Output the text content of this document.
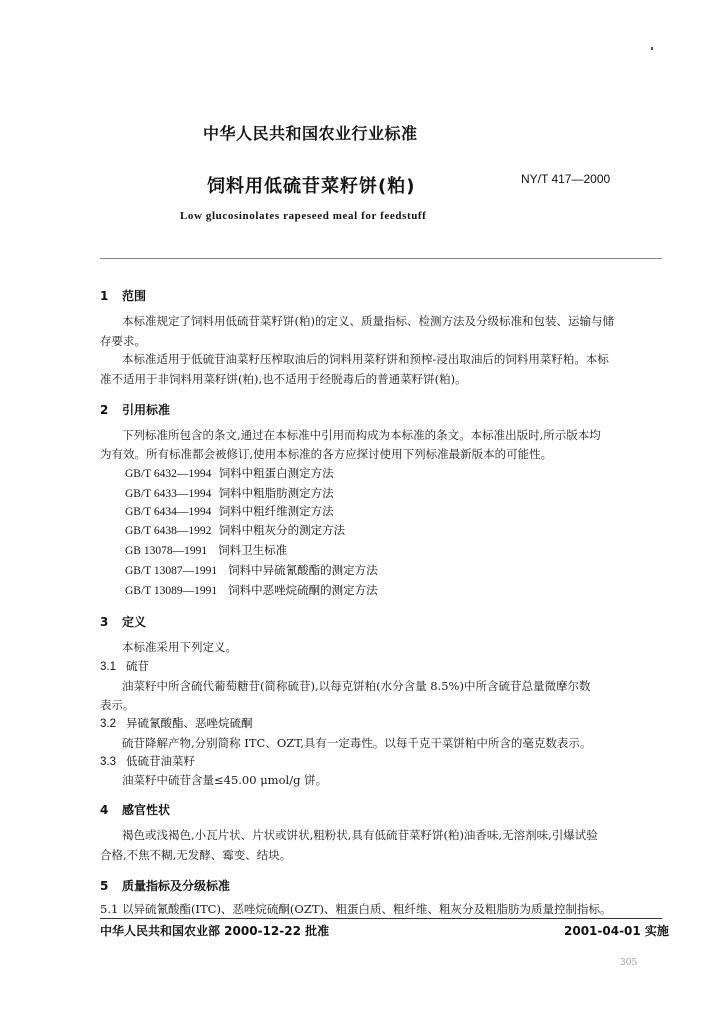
中华人民共和国农业行业标准
饲料用低硫苷菜籽饼(粕)	NY/T 417—2000
Low glucosinolates rapeseed meal for feedstuff
1 范围
本标准规定了饲料用低硫苷菜籽饼(粕)的定义、质量指标、检测方法及分级标准和包装、运输与储
存要求。
本标准适用于低硫苷油菜籽压榨取油后的饲料用菜籽饼和预榨-浸出取油后的饲料用菜籽粕。本标
准不适用于非饲料用菜籽饼(粕),也不适用于经脱毒后的普通菜籽饼(粕)。
2 引用标准
下列标准所包含的条文,通过在本标准中引用而构成为本标准的条文。本标准出版时,所示版本均
为有效。所有标准都会被修订,使用本标准的各方应探讨使用下列标准最新版本的可能性。
GB/T 6432—1994 饲料中粗蛋白测定方法
GB/T 6433—1994 饲料中粗脂肪测定方法
GB/T 6434—1994 饲料中粗纤维测定方法
GB/T 6438—1992 饲料中粗灰分的测定方法
GB 13078—1991 饲料卫生标准
GB/T 13087—1991 饲料中异硫氰酸酯的测定方法
GB/T 13089—1991 饲料中恶唑烷硫酮的测定方法
3 定义
本标准采用下列定义。
3.1 硫苷
油菜籽中所含硫代葡萄糖苷(简称硫苷),以每克饼粕(水分含量 8.5%)中所含硫苷总量微摩尔数
表示。
3.2 异硫氰酸酯、恶唑烷硫酮
硫苷降解产物,分别简称 ITC、OZT,具有一定毒性。以每千克干菜饼粕中所含的毫克数表示。
3.3 低硫苷油菜籽
油菜籽中硫苷含量≤45.00 μmol/g 饼。
4 感官性状
褐色或浅褐色,小瓦片状、片状或饼状,粗粉状,具有低硫苷菜籽饼(粕)油香味,无溶剂味,引爆试验
合格,不焦不糊,无发酵、霉变、结块。
5 质量指标及分级标准
5.1 以异硫氰酸酯(ITC)、恶唑烷硫酮(OZT)、粗蛋白质、粗纤维、粗灰分及粗脂肪为质量控制指标。
中华人民共和国农业部 2000-12-22 批准	2001-04-01 实施
305
